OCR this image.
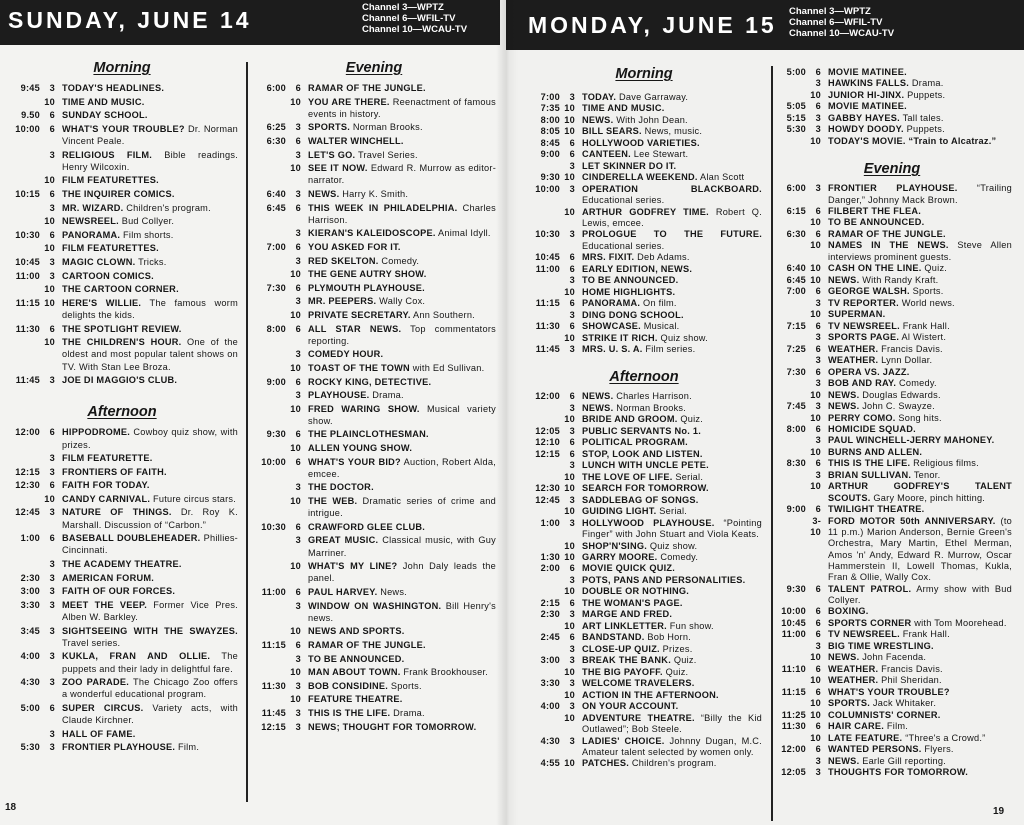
SUNDAY, JUNE 14	Channel 3—WPTZ
Channel 6—WFIL-TV
Channel 10—WCAU-TV
Morning
9:45	3 TODAY'S HEADLINES.
10 TIME AND MUSIC.
9.50	6 SUNDAY SCHOOL.
10:00	6 WHAT'S YOUR TROUBLE? Dr. Norman Vincent Peale.
3 RELIGIOUS FILM. Bible readings. Henry Wilcoxin.
10 FILM FEATURETTES.
10:15	6 THE INQUIRER COMICS.
3 MR. WIZARD. Children's program.
10 NEWSREEL. Bud Collyer.
10:30	6 PANORAMA. Film shorts.
10 FILM FEATURETTES.
10:45	3 MAGIC CLOWN. Tricks.
11:00	3 CARTOON COMICS.
10 THE CARTOON CORNER.
11:15 10 HERE'S WILLIE. The famous worm delights the kids.
11:30	6 THE SPOTLIGHT REVIEW.
10 THE CHILDREN'S HOUR. One of the oldest and most popular talent shows on TV. With Stan Lee Broza.
11:45	3 JOE DI MAGGIO'S CLUB.
Afternoon
12:00	6 HIPPODROME. Cowboy quiz show, with prizes.
3 FILM FEATURETTE.
12:15	3 FRONTIERS OF FAITH.
12:30	6 FAITH FOR TODAY.
10 CANDY CARNIVAL. Future circus stars.
12:45	3 NATURE OF THINGS. Dr. Roy K. Marshall. Discussion of “Carbon.”
1:00	6 BASEBALL DOUBLEHEADER. Phillies-Cincinnati.
3 THE ACADEMY THEATRE.
2:30	3 AMERICAN FORUM.
3:00	3 FAITH OF OUR FORCES.
3:30	3 MEET THE VEEP. Former Vice Pres. Alben W. Barkley.
3:45	3 SIGHTSEEING WITH THE SWAYZES. Travel series.
4:00	3 KUKLA, FRAN AND OLLIE. The puppets and their lady in delightful fare.
4:30	3 ZOO PARADE. The Chicago Zoo offers a wonderful educational program.
5:00	6 SUPER CIRCUS. Variety acts, with Claude Kirchner.
3 HALL OF FAME.
5:30	3 FRONTIER PLAYHOUSE. Film.
Evening
6:00	6 RAMAR OF THE JUNGLE.
10 YOU ARE THERE. Reenactment of famous events in history.
6:25	3 SPORTS. Norman Brooks.
6:30	6 WALTER WINCHELL.
3 LET'S GO. Travel Series.
10 SEE IT NOW. Edward R. Murrow as editor-narrator.
6:40	3 NEWS. Harry K. Smith.
6:45	6 THIS WEEK IN PHILADELPHIA. Charles Harrison.
3 KIERAN'S KALEIDOSCOPE. Animal Idyll.
7:00	6 YOU ASKED FOR IT.
3 RED SKELTON. Comedy.
10 THE GENE AUTRY SHOW.
7:30	6 PLYMOUTH PLAYHOUSE.
3 MR. PEEPERS. Wally Cox.
10 PRIVATE SECRETARY. Ann Southern.
8:00	6 ALL STAR NEWS. Top commentators reporting.
3 COMEDY HOUR.
10 TOAST OF THE TOWN with Ed Sullivan.
9:00	6 ROCKY KING, DETECTIVE.
3 PLAYHOUSE. Drama.
10 FRED WARING SHOW. Musical variety show.
9:30	6 THE PLAINCLOTHESMAN.
10 ALLEN YOUNG SHOW.
10:00	6 WHAT'S YOUR BID? Auction, Robert Alda, emcee.
3 THE DOCTOR.
10 THE WEB. Dramatic series of crime and intrigue.
10:30	6 CRAWFORD GLEE CLUB.
3 GREAT MUSIC. Classical music, with Guy Marriner.
10 WHAT'S MY LINE? John Daly leads the panel.
11:00	6 PAUL HARVEY. News.
3 WINDOW ON WASHINGTON. Bill Henry's news.
10 NEWS AND SPORTS.
11:15	6 RAMAR OF THE JUNGLE.
3 TO BE ANNOUNCED.
10 MAN ABOUT TOWN. Frank Brookhouser.
11:30	3 BOB CONSIDINE. Sports.
10 FEATURE THEATRE.
11:45	3 THIS IS THE LIFE. Drama.
12:15	3 NEWS; THOUGHT FOR TOMORROW.
18
MONDAY, JUNE 15
Channel 3—WPTZ
Channel 6—WFIL-TV
Channel 10—WCAU-TV
Morning
7:00	3 TODAY. Dave Garraway.
7:35 10 TIME AND MUSIC.
8:00 10 NEWS. With John Dean.
8:05 10 BILL SEARS. News, music.
8:45	6 HOLLYWOOD VARIETIES.
9:00	6 CANTEEN. Lee Stewart.
3 LET SKINNER DO IT.
9:30 10 CINDERELLA WEEKEND. Alan Scott
10:00	3 OPERATION BLACKBOARD. Educational series.
10 ARTHUR GODFREY TIME. Robert Q. Lewis, emcee.
10:30	3 PROLOGUE TO THE FUTURE. Educational series.
10:45	6 MRS. FIXIT. Deb Adams.
11:00	6 EARLY EDITION, NEWS.
3 TO BE ANNOUNCED.
10 HOME HIGHLIGHTS.
11:15	6 PANORAMA. On film.
3 DING DONG SCHOOL.
11:30	6 SHOWCASE. Musical.
10 STRIKE IT RICH. Quiz show.
11:45	3 MRS. U. S. A. Film series.
Afternoon
12:00	6 NEWS. Charles Harrison.
3 NEWS. Norman Brooks.
10 BRIDE AND GROOM. Quiz.
12:05	3 PUBLIC SERVANTS No. 1.
12:10	6 POLITICAL PROGRAM.
12:15	6 STOP, LOOK AND LISTEN.
3 LUNCH WITH UNCLE PETE.
10 THE LOVE OF LIFE. Serial.
12:30 10 SEARCH FOR TOMORROW.
12:45	3 SADDLEBAG OF SONGS.
10 GUIDING LIGHT. Serial.
1:00	3 HOLLYWOOD PLAYHOUSE. “Pointing Finger” with John Stuart and Viola Keats.
10 SHOP'N'SING. Quiz show.
1:30 10 GARRY MOORE. Comedy.
2:00	6 MOVIE QUICK QUIZ.
3 POTS, PANS AND PERSONALITIES.
10 DOUBLE OR NOTHING.
2:15	6 THE WOMAN'S PAGE.
2:30	3 MARGE AND FRED.
10 ART LINKLETTER. Fun show.
2:45	6 BANDSTAND. Bob Horn.
3 CLOSE-UP QUIZ. Prizes.
3:00	3 BREAK THE BANK. Quiz.
10 THE BIG PAYOFF. Quiz.
3:30	3 WELCOME TRAVELERS.
10 ACTION IN THE AFTERNOON.
4:00	3 ON YOUR ACCOUNT.
10 ADVENTURE THEATRE. “Billy the Kid Outlawed”; Bob Steele.
4:30	3 LADIES' CHOICE. Johnny Dugan, M.C. Amateur talent selected by women only.
4:55 10 PATCHES. Children's program.
5:00	6 MOVIE MATINEE.
3 HAWKINS FALLS. Drama.
10 JUNIOR HI-JINX. Puppets.
5:05	6 MOVIE MATINEE.
5:15	3 GABBY HAYES. Tall tales.
5:30	3 HOWDY DOODY. Puppets.
10 TODAY'S MOVIE. “Train to Alcatraz.”
Evening
6:00	3 FRONTIER PLAYHOUSE. “Trailing Danger,” Johnny Mack Brown.
6:15	6 FILBERT THE FLEA.
10 TO BE ANNOUNCED.
6:30	6 RAMAR OF THE JUNGLE.
10 NAMES IN THE NEWS. Steve Allen interviews prominent guests.
6:40 10 CASH ON THE LINE. Quiz.
6:45 10 NEWS. With Randy Kraft.
7:00	6 GEORGE WALSH. Sports.
3 TV REPORTER. World news.
10 SUPERMAN.
7:15	6 TV NEWSREEL. Frank Hall.
3 SPORTS PAGE. Al Wistert.
7:25	6 WEATHER. Francis Davis.
3 WEATHER. Lynn Dollar.
7:30	6 OPERA VS. JAZZ.
3 BOB AND RAY. Comedy.
10 NEWS. Douglas Edwards.
7:45	3 NEWS. John C. Swayze.
10 PERRY COMO. Song hits.
8:00	6 HOMICIDE SQUAD.
3 PAUL WINCHELL-JERRY MAHONEY.
10 BURNS AND ALLEN.
8:30	6 THIS IS THE LIFE. Religious films.
3 BRIAN SULLIVAN. Tenor.
10 ARTHUR GODFREY'S TALENT SCOUTS. Gary Moore, pinch hitting.
9:00	6 TWILIGHT THEATRE.
3-10
FORD MOTOR 50th ANNIVERSARY. (to 11 p.m.) Marion Anderson, Bernie Green's Orchestra, Mary Martin, Ethel Merman, Amos 'n' Andy, Edward R. Murrow, Oscar Hammerstein II, Lowell Thomas, Kukla, Fran & Ollie, Wally Cox.
9:30	6 TALENT PATROL. Army show with Bud Collyer.
10:00	6 BOXING.
10:45	6 SPORTS CORNER with Tom Moorehead.
11:00	6 TV NEWSREEL. Frank Hall.
3 BIG TIME WRESTLING.
10 NEWS. John Facenda.
11:10	6 WEATHER. Francis Davis.
10 WEATHER. Phil Sheridan.
11:15	6 WHAT'S YOUR TROUBLE?
10 SPORTS. Jack Whitaker.
11:25 10 COLUMNISTS' CORNER.
11:30	6 HAIR CARE. Film.
10 LATE FEATURE. “Three's a Crowd.”
12:00	6 WANTED PERSONS. Flyers.
3 NEWS. Earle Gill reporting.
12:05	3 THOUGHTS FOR TOMORROW.
19
